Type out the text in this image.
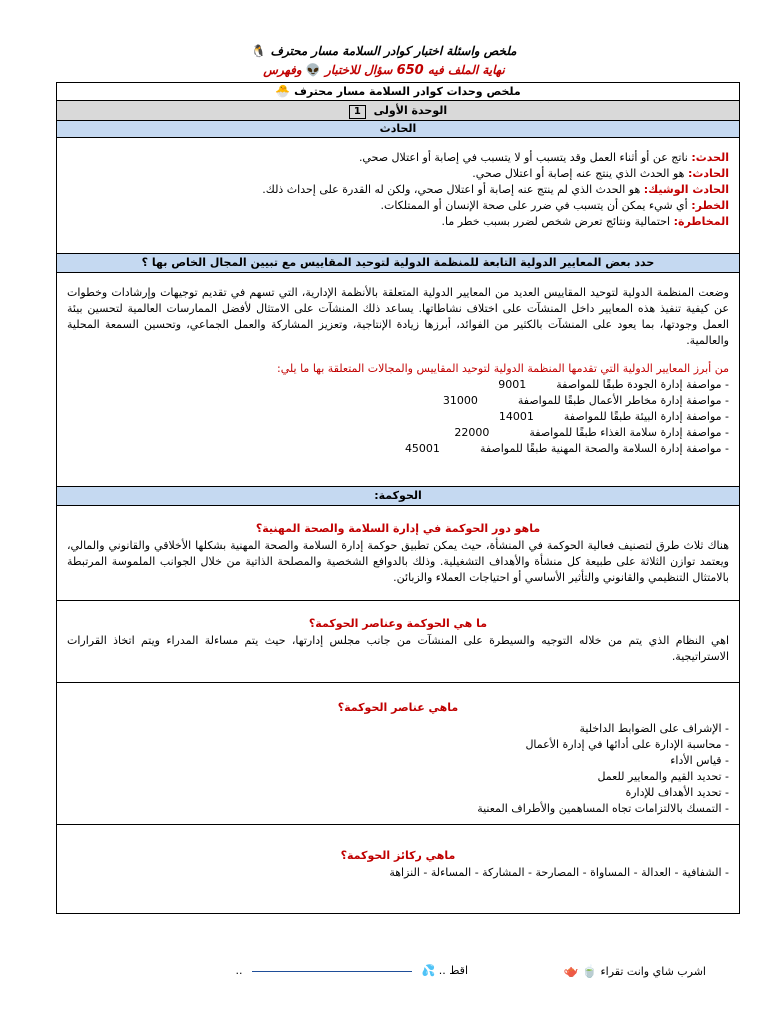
ملخص واسئلة اختبار كوادر السلامة مسار محترف 🐧
نهاية الملف فيه 650 سؤال للاختبار 👽 وفهرس
ملخص وحدات كوادر السلامة مسار محترف 🐣
الوحدة الأولى 1
الحادث

الحدث: ناتج عن أو أثناء العمل وقد يتسبب أو لا يتسبب في إصابة أو اعتلال صحي.

الحادث: هو الحدث الذي ينتج عنه إصابة أو اعتلال صحي.

الحادث الوشيك: هو الحدث الذي لم ينتج عنه إصابة أو اعتلال صحي، ولكن له القدرة على إحداث ذلك.

الخطر: أي شيء يمكن أن يتسبب في ضرر على صحة الإنسان أو الممتلكات.

المخاطرة: احتمالية ونتائج تعرض شخص لضرر بسبب خطر ما.

حدد بعض المعايير الدولية التابعة للمنظمة الدولية لتوحيد المقاييس مع تبيين المجال الخاص بها ؟

وضعت المنظمة الدولية لتوحيد المقاييس العديد من المعايير الدولية المتعلقة بالأنظمة الإدارية، التي تسهم في تقديم توجيهات وإرشادات وخطوات عن كيفية تنفيذ هذه المعايير داخل المنشآت على اختلاف نشاطاتها. يساعد ذلك المنشآت على الامتثال لأفضل الممارسات العالمية لتحسين بيئة العمل وجودتها، بما يعود على المنشآت بالكثير من الفوائد، أبرزها زيادة الإنتاجية، وتعزيز المشاركة والعمل الجماعي، وتحسين السمعة المحلية والعالمية.

من أبرز المعايير الدولية التي تقدمها المنظمة الدولية لتوحيد المقاييس والمجالات المتعلقة بها ما يلي:

- مواصفة إدارة الجودة طبقًا للمواصفة9001
- مواصفة إدارة مخاطر الأعمال طبقًا للمواصفة31000
- مواصفة إدارة البيئة طبقًا للمواصفة14001
- مواصفة إدارة سلامة الغذاء طبقًا للمواصفة22000
- مواصفة إدارة السلامة والصحة المهنية طبقًا للمواصفة45001
الحوكمة:

ماهو دور الحوكمة في إدارة السلامة والصحة المهنية؟

هناك ثلاث طرق لتصنيف فعالية الحوكمة في المنشأة، حيث يمكن تطبيق حوكمة إدارة السلامة والصحة المهنية بشكلها الأخلاقي والقانوني والمالي، ويعتمد توازن الثلاثة على طبيعة كل منشأة والأهداف التشغيلية. وذلك بالدوافع الشخصية والمصلحة الذاتية من خلال الجوانب الملموسة المرتبطة بالامتثال التنظيمي والقانوني والتأثير الأساسي أو احتياجات العملاء والزبائن.

ما هي الحوكمة وعناصر الحوكمة؟

اهي النظام الذي يتم من خلاله التوجيه والسيطرة على المنشآت من جانب مجلس إدارتها، حيث يتم مساءلة المدراء ويتم اتخاذ القرارات الاستراتيجية.

ماهي عناصر الحوكمة؟

- الإشراف على الضوابط الداخلية
- محاسبة الإدارة على أدائها في إدارة الأعمال
- قياس الأداء
- تحديد القيم والمعايير للعمل
- تحديد الأهداف للإدارة
- التمسك بالالتزامات تجاه المساهمين والأطراف المعنية

ماهي ركائز الحوكمة؟

- الشفافية - العدالة - المساواة - المصارحة - المشاركة - المساءلة - النزاهة
اشرب شاي وانت تقراء 🍵 🫖
اقط .. 💦  ..
